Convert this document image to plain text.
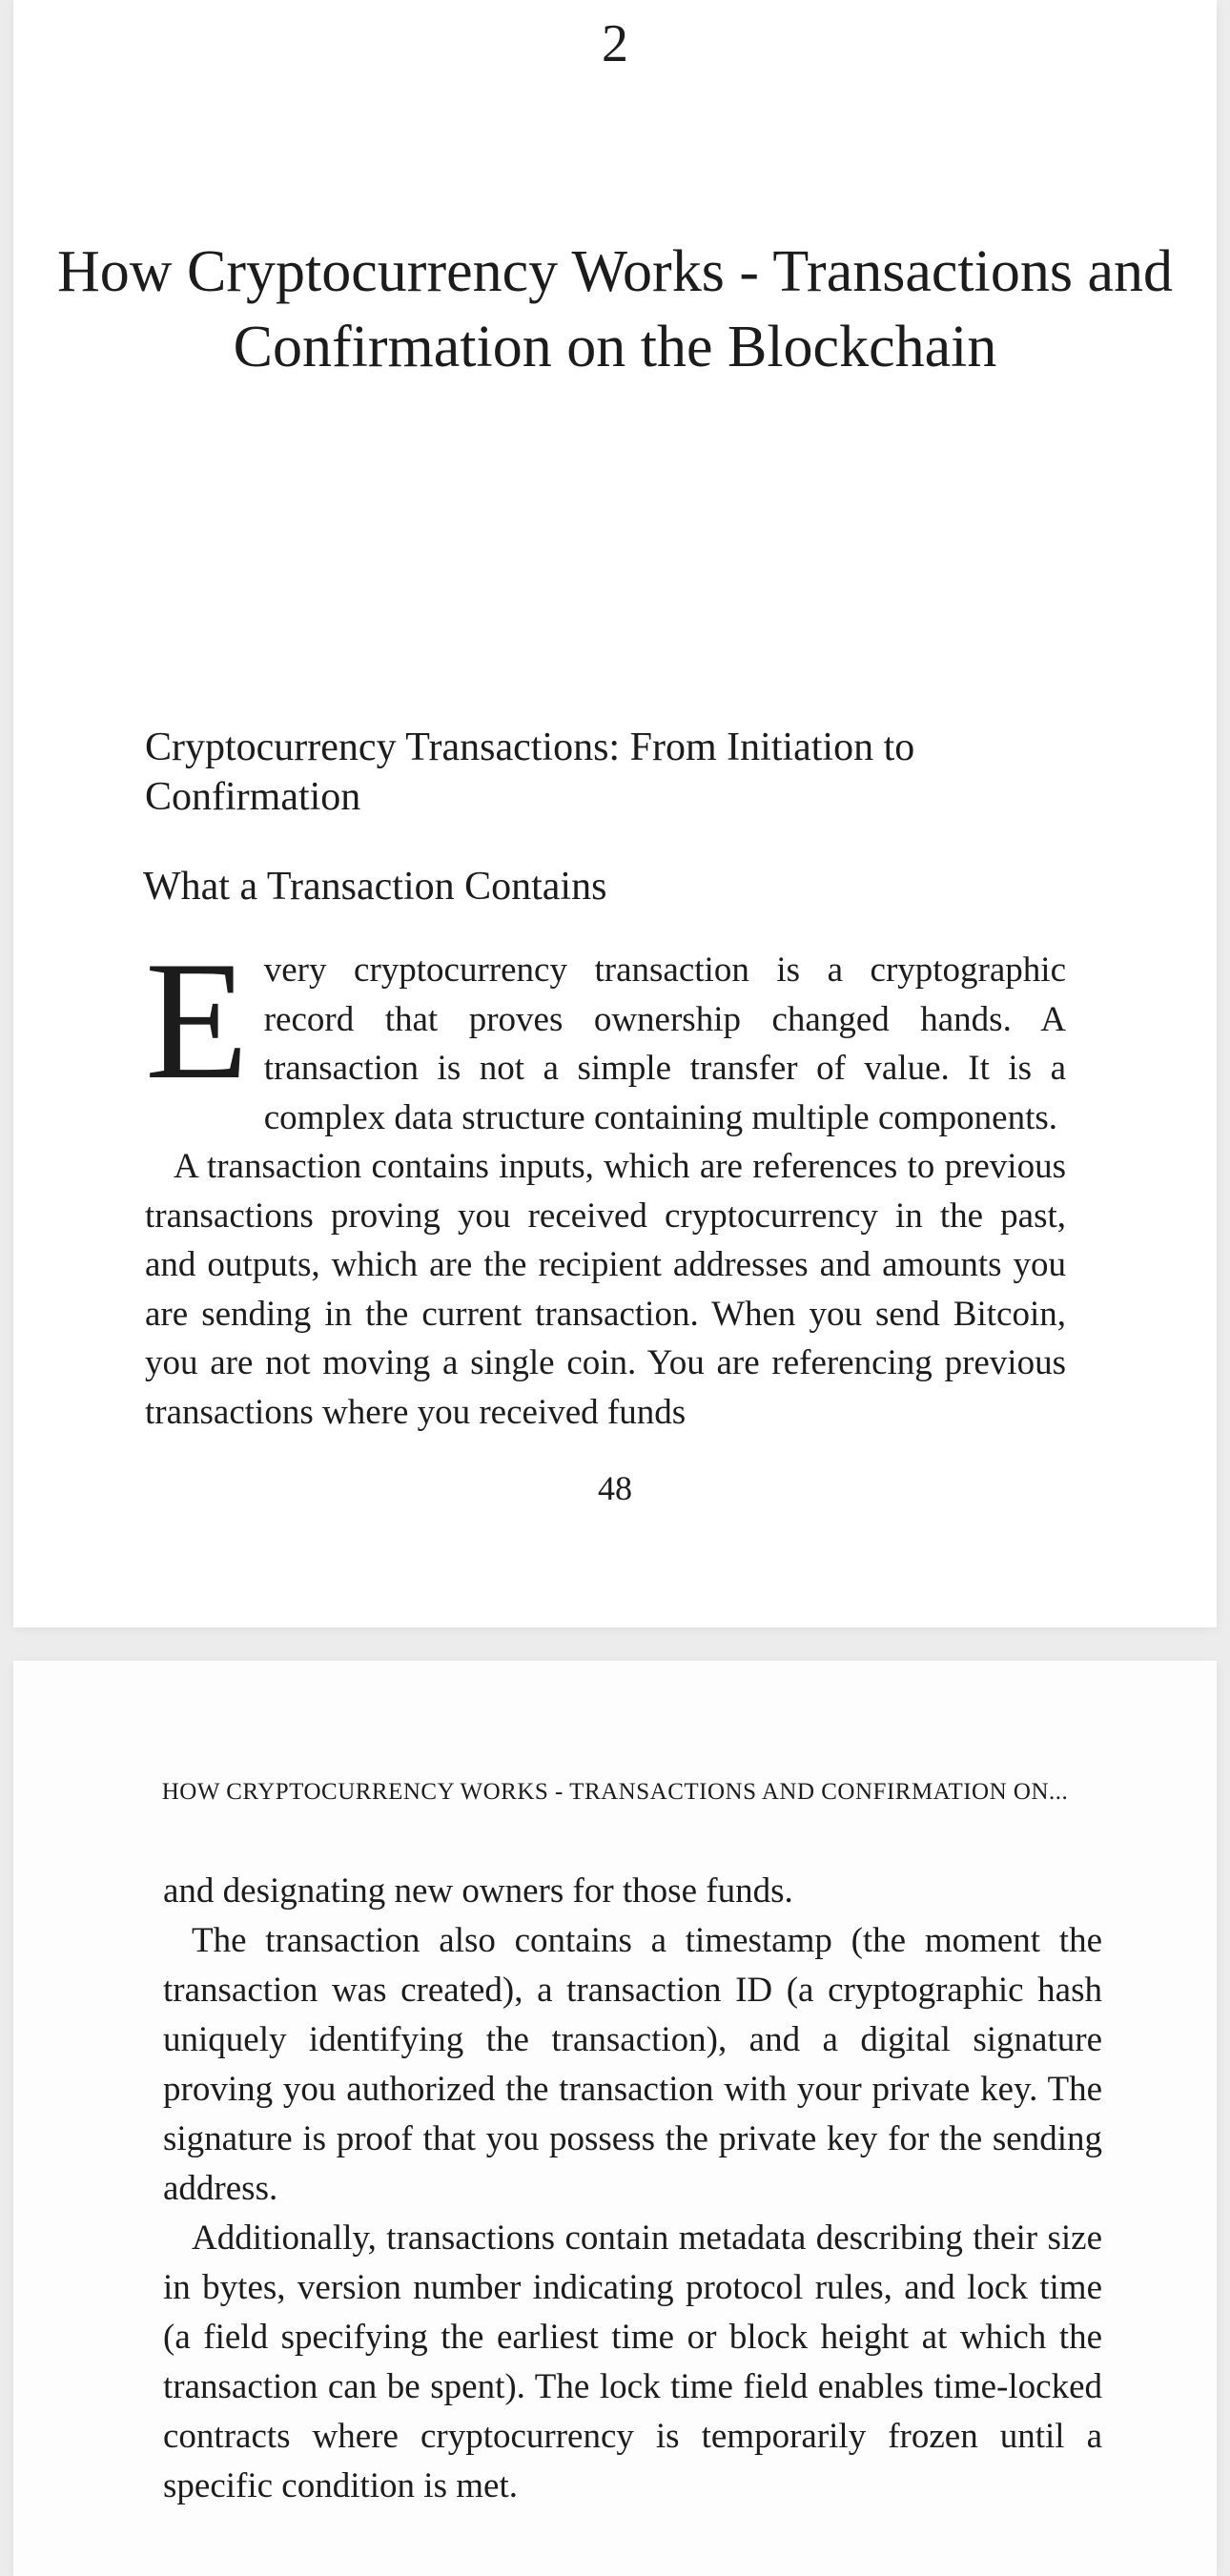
2
How Cryptocurrency Works - Transactions and Confirmation on the Blockchain
Cryptocurrency Transactions: From Initiation to Confirmation
What a Transaction Contains

Every cryptocurrency transaction is a cryptographic record that proves ownership changed hands. A transaction is not a simple transfer of value. It is a complex data structure containing multiple components.

A transaction contains inputs, which are references to previous transactions proving you received cryptocurrency in the past, and outputs, which are the recipient addresses and amounts you are sending in the current transaction. When you send Bitcoin, you are not moving a single coin. You are referencing previous transactions where you received funds

48
HOW CRYPTOCURRENCY WORKS - TRANSACTIONS AND CONFIRMATION ON...

and designating new owners for those funds.

The transaction also contains a timestamp (the moment the transaction was created), a transaction ID (a cryptographic hash uniquely identifying the transaction), and a digital signature proving you authorized the transaction with your private key. The signature is proof that you possess the private key for the sending address.

Additionally, transactions contain metadata describing their size in bytes, version number indicating protocol rules, and lock time (a field specifying the earliest time or block height at which the transaction can be spent). The lock time field enables time-locked contracts where cryptocurrency is temporarily frozen until a specific condition is met.
